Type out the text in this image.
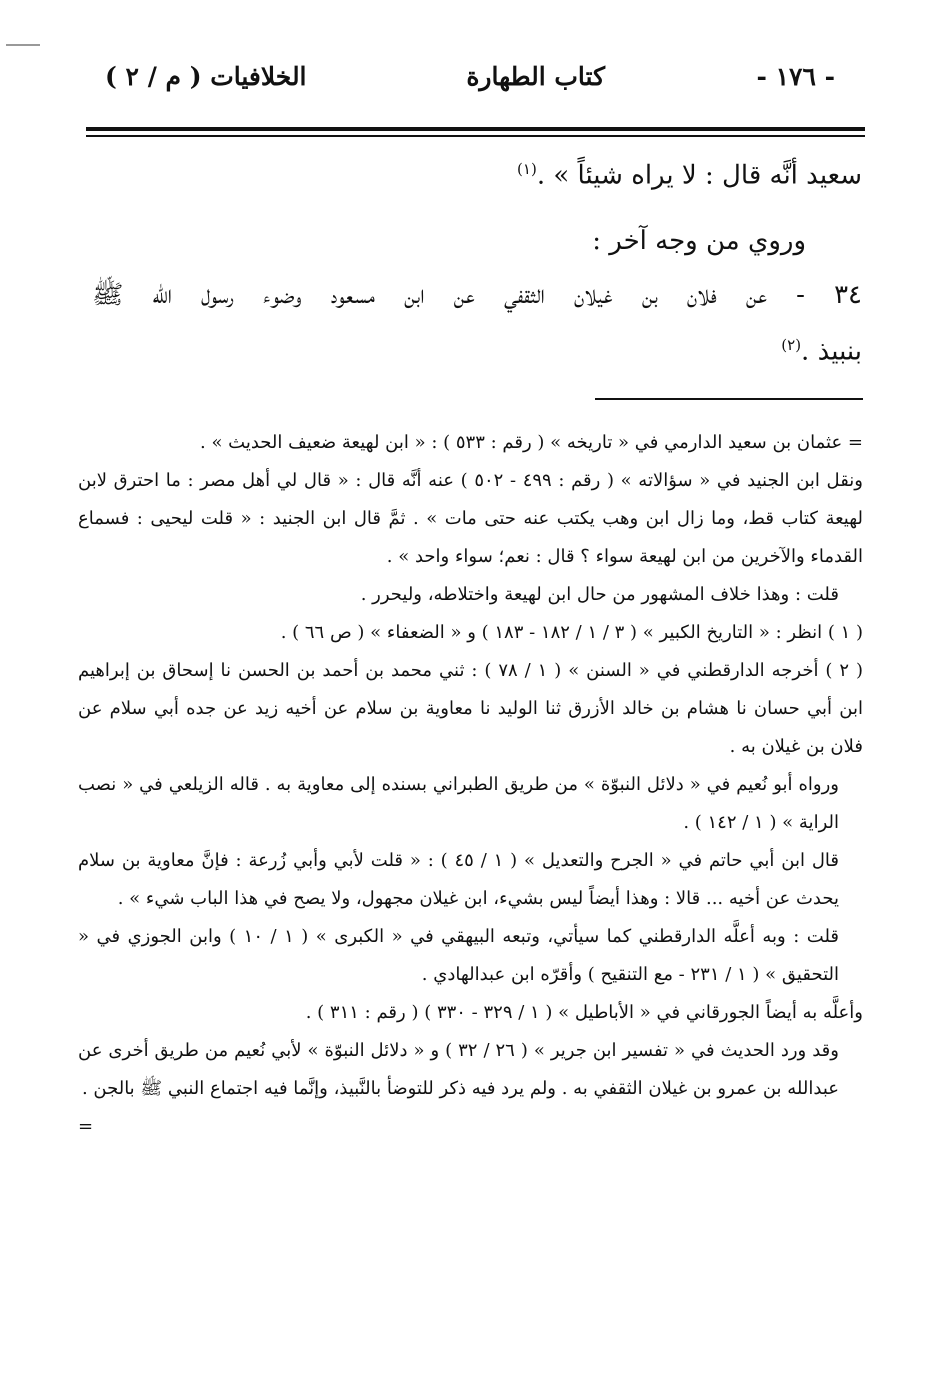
- ١٧٦ -
كتاب الطهارة
الخلافيات ( م / ٢ )
سعيد أنَّه قال : لا يراه شيئاً » .$^{(١)}$
وروي من وجه آخر :
٣٤ - عن فلان بن غيلان الثقفي عن ابن مسعود وضوء رسول الله ﷺ
بنبيذ .$^{(٢)}$

= عثمان بن سعيد الدارمي في « تاريخه » ( رقم : ٥٣٣ ) : « ابن لهيعة ضعيف الحديث » .

ونقل ابن الجنيد في « سؤالاته » ( رقم : ٤٩٩ - ٥٠٢ ) عنه أنَّه قال : « قال لي أهل مصر : ما احترق لابن لهيعة كتاب قط، وما زال ابن وهب يكتب عنه حتى مات » . ثمَّ قال ابن الجنيد : « قلت ليحيى : فسماع القدماء والآخرين من ابن لهيعة سواء ؟ قال : نعم؛ سواء واحد » .

قلت : وهذا خلاف المشهور من حال ابن لهيعة واختلاطه، وليحرر .

( ١ ) انظر : « التاريخ الكبير » ( ٣ / ١ / ١٨٢ - ١٨٣ ) و « الضعفاء » ( ص ٦٦ ) .

( ٢ ) أخرجه الدارقطني في « السنن » ( ١ / ٧٨ ) : ثني محمد بن أحمد بن الحسن نا إسحاق بن إبراهيم ابن أبي حسان نا هشام بن خالد الأزرق ثنا الوليد نا معاوية بن سلام عن أخيه زيد عن جده أبي سلام عن فلان بن غيلان به .

ورواه أبو نُعيم في « دلائل النبوّة » من طريق الطبراني بسنده إلى معاوية به . قاله الزيلعي في « نصب الراية » ( ١ / ١٤٢ ) .

قال ابن أبي حاتم في « الجرح والتعديل » ( ١ / ٤٥ ) : « قلت لأبي وأبي زُرعة : فإنَّ معاوية بن سلام يحدث عن أخيه ... قالا : وهذا أيضاً ليس بشيء، ابن غيلان مجهول، ولا يصح في هذا الباب شيء » .

قلت : وبه أعلَّه الدارقطني كما سيأتي، وتبعه البيهقي في « الكبرى » ( ١ / ١٠ ) وابن الجوزي في « التحقيق » ( ١ / ٢٣١ - مع التنقيح ) وأقرّه ابن عبدالهادي .

وأعلَّه به أيضاً الجورقاني في « الأباطيل » ( ١ / ٣٢٩ - ٣٣٠ ) ( رقم : ٣١١ ) .

وقد ورد الحديث في « تفسير ابن جرير » ( ٢٦ / ٣٢ ) و « دلائل النبوّة » لأبي نُعيم من طريق أخرى عن عبدالله بن عمرو بن غيلان الثقفي به . ولم يرد فيه ذكر للتوضأ بالنَّبيذ، وإنَّما فيه اجتماع النبي ﷺ بالجن .

=
